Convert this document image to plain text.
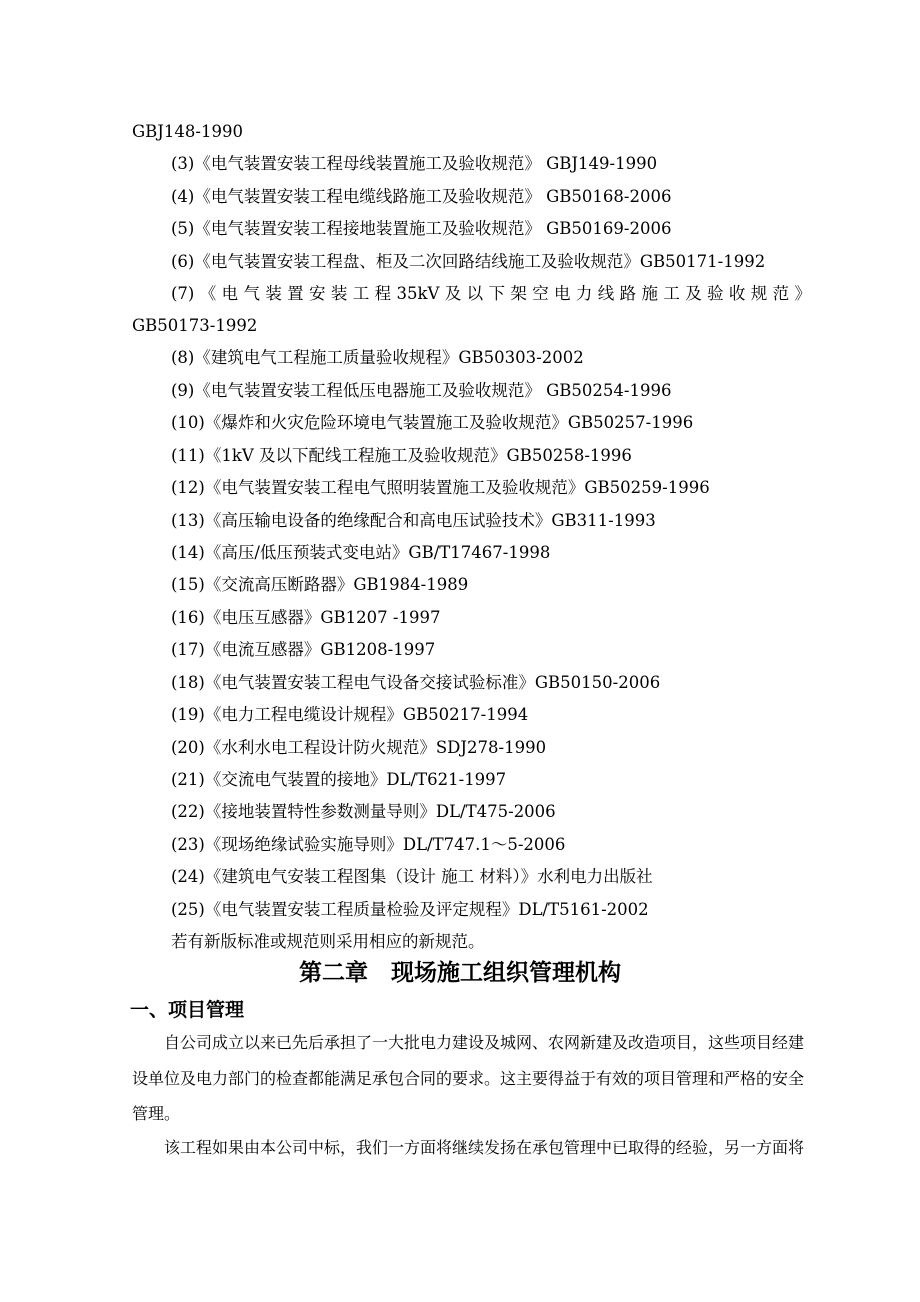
GBJ148-1990
(3)《电气装置安装工程母线装置施工及验收规范》 GBJ149-1990
(4)《电气装置安装工程电缆线路施工及验收规范》 GB50168-2006
(5)《电气装置安装工程接地装置施工及验收规范》 GB50169-2006
(6)《电气装置安装工程盘、柜及二次回路结线施工及验收规范》GB50171-1992
(7) 《 电 气 装 置 安 装 工 程 35kV 及 以 下 架 空 电 力 线 路 施 工 及 验 收 规 范 》
GB50173-1992
(8)《建筑电气工程施工质量验收规程》GB50303-2002
(9)《电气装置安装工程低压电器施工及验收规范》 GB50254-1996
(10)《爆炸和火灾危险环境电气装置施工及验收规范》GB50257-1996
(11)《1kV 及以下配线工程施工及验收规范》GB50258-1996
(12)《电气装置安装工程电气照明装置施工及验收规范》GB50259-1996
(13)《高压输电设备的绝缘配合和高电压试验技术》GB311-1993
(14)《高压/低压预装式变电站》GB/T17467-1998
(15)《交流高压断路器》GB1984-1989
(16)《电压互感器》GB1207 -1997
(17)《电流互感器》GB1208-1997
(18)《电气装置安装工程电气设备交接试验标准》GB50150-2006
(19)《电力工程电缆设计规程》GB50217-1994
(20)《水利水电工程设计防火规范》SDJ278-1990
(21)《交流电气装置的接地》DL/T621-1997
(22)《接地装置特性参数测量导则》DL/T475-2006
(23)《现场绝缘试验实施导则》DL/T747.1～5-2006
(24)《建筑电气安装工程图集（设计 施工 材料）》水利电力出版社
(25)《电气装置安装工程质量检验及评定规程》DL/T5161-2002
若有新版标准或规范则采用相应的新规范。
第二章　现场施工组织管理机构
一、项目管理
　　自公司成立以来已先后承担了一大批电力建设及城网、农网新建及改造项目，这些项目经建
设单位及电力部门的检查都能满足承包合同的要求。这主要得益于有效的项目管理和严格的安全
管理。
　　该工程如果由本公司中标，我们一方面将继续发扬在承包管理中已取得的经验，另一方面将
